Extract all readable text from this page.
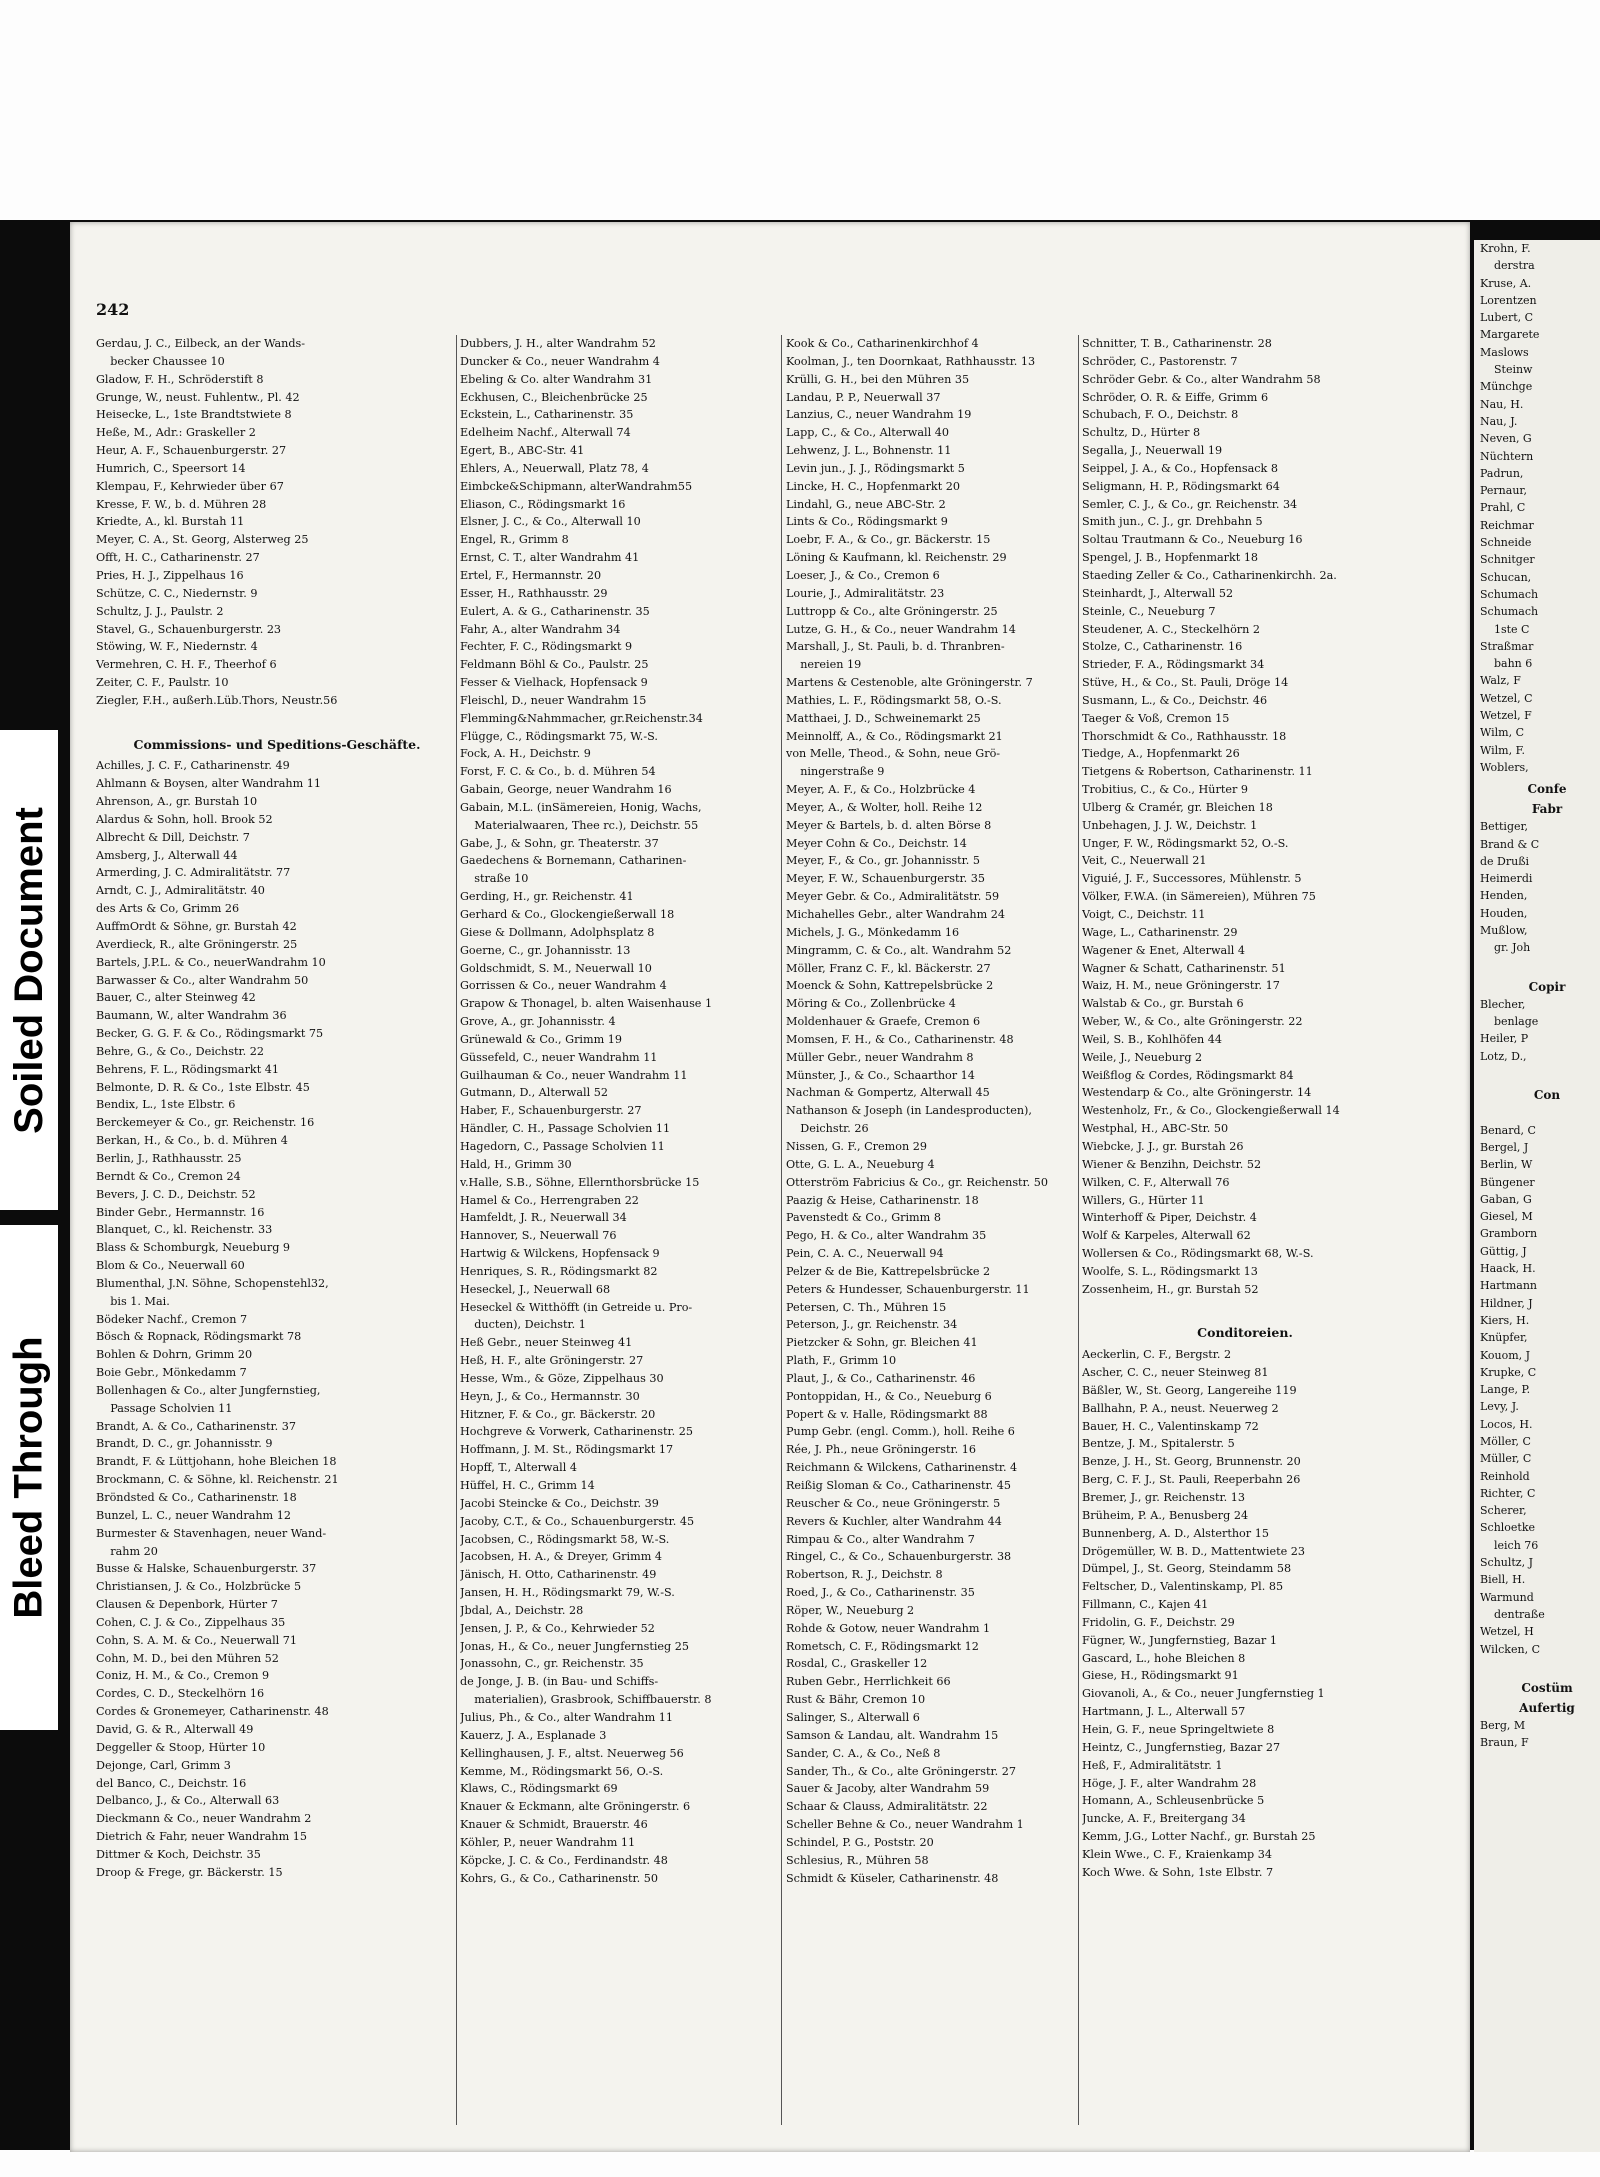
Soiled Document
Bleed Through
242
Gerdau, J. C., Eilbeck, an der Wands-
becker Chaussee 10
Gladow, F. H., Schröderstift 8
Grunge, W., neust. Fuhlentw., Pl. 42
Heisecke, L., 1ste Brandtstwiete 8
Heße, M., Adr.: Graskeller 2
Heur, A. F., Schauenburgerstr. 27
Humrich, C., Speersort 14
Klempau, F., Kehrwieder über 67
Kresse, F. W., b. d. Mühren 28
Kriedte, A., kl. Burstah 11
Meyer, C. A., St. Georg, Alsterweg 25
Offt, H. C., Catharinenstr. 27
Pries, H. J., Zippelhaus 16
Schütze, C. C., Niedernstr. 9
Schultz, J. J., Paulstr. 2
Stavel, G., Schauenburgerstr. 23
Stöwing, W. F., Niedernstr. 4
Vermehren, C. H. F., Theerhof 6
Zeiter, C. F., Paulstr. 10
Ziegler, F.H., außerh.Lüb.Thors, Neustr.56

Commissions- und Speditions-Geschäfte.
Achilles, J. C. F., Catharinenstr. 49
Ahlmann & Boysen, alter Wandrahm 11
Ahrenson, A., gr. Burstah 10
Alardus & Sohn, holl. Brook 52
Albrecht & Dill, Deichstr. 7
Amsberg, J., Alterwall 44
Armerding, J. C. Admiralitätstr. 77
Arndt, C. J., Admiralitätstr. 40
des Arts & Co, Grimm 26
AuffmOrdt & Söhne, gr. Burstah 42
Averdieck, R., alte Gröningerstr. 25
Bartels, J.P.L. & Co., neuerWandrahm 10
Barwasser & Co., alter Wandrahm 50
Bauer, C., alter Steinweg 42
Baumann, W., alter Wandrahm 36
Becker, G. G. F. & Co., Rödingsmarkt 75
Behre, G., & Co., Deichstr. 22
Behrens, F. L., Rödingsmarkt 41
Belmonte, D. R. & Co., 1ste Elbstr. 45
Bendix, L., 1ste Elbstr. 6
Berckemeyer & Co., gr. Reichenstr. 16
Berkan, H., & Co., b. d. Mühren 4
Berlin, J., Rathhausstr. 25
Berndt & Co., Cremon 24
Bevers, J. C. D., Deichstr. 52
Binder Gebr., Hermannstr. 16
Blanquet, C., kl. Reichenstr. 33
Blass & Schomburgk, Neueburg 9
Blom & Co., Neuerwall 60
Blumenthal, J.N. Söhne, Schopenstehl32,
bis 1. Mai.
Bödeker Nachf., Cremon 7
Bösch & Ropnack, Rödingsmarkt 78
Bohlen & Dohrn, Grimm 20
Boie Gebr., Mönkedamm 7
Bollenhagen & Co., alter Jungfernstieg,
Passage Scholvien 11
Brandt, A. & Co., Catharinenstr. 37
Brandt, D. C., gr. Johannisstr. 9
Brandt, F. & Lüttjohann, hohe Bleichen 18
Brockmann, C. & Söhne, kl. Reichenstr. 21
Bröndsted & Co., Catharinenstr. 18
Bunzel, L. C., neuer Wandrahm 12
Burmester & Stavenhagen, neuer Wand-
rahm 20
Busse & Halske, Schauenburgerstr. 37
Christiansen, J. & Co., Holzbrücke 5
Clausen & Depenbork, Hürter 7
Cohen, C. J. & Co., Zippelhaus 35
Cohn, S. A. M. & Co., Neuerwall 71
Cohn, M. D., bei den Mühren 52
Coniz, H. M., & Co., Cremon 9
Cordes, C. D., Steckelhörn 16
Cordes & Gronemeyer, Catharinenstr. 48
David, G. & R., Alterwall 49
Deggeller & Stoop, Hürter 10
Dejonge, Carl, Grimm 3
del Banco, C., Deichstr. 16
Delbanco, J., & Co., Alterwall 63
Dieckmann & Co., neuer Wandrahm 2
Dietrich & Fahr, neuer Wandrahm 15
Dittmer & Koch, Deichstr. 35
Droop & Frege, gr. Bäckerstr. 15
Dubbers, J. H., alter Wandrahm 52
Duncker & Co., neuer Wandrahm 4
Ebeling & Co. alter Wandrahm 31
Eckhusen, C., Bleichenbrücke 25
Eckstein, L., Catharinenstr. 35
Edelheim Nachf., Alterwall 74
Egert, B., ABC-Str. 41
Ehlers, A., Neuerwall, Platz 78, 4
Eimbcke&Schipmann, alterWandrahm55
Eliason, C., Rödingsmarkt 16
Elsner, J. C., & Co., Alterwall 10
Engel, R., Grimm 8
Ernst, C. T., alter Wandrahm 41
Ertel, F., Hermannstr. 20
Esser, H., Rathhausstr. 29
Eulert, A. & G., Catharinenstr. 35
Fahr, A., alter Wandrahm 34
Fechter, F. C., Rödingsmarkt 9
Feldmann Böhl & Co., Paulstr. 25
Fesser & Vielhack, Hopfensack 9
Fleischl, D., neuer Wandrahm 15
Flemming&Nahmmacher, gr.Reichenstr.34
Flügge, C., Rödingsmarkt 75, W.-S.
Fock, A. H., Deichstr. 9
Forst, F. C. & Co., b. d. Mühren 54
Gabain, George, neuer Wandrahm 16
Gabain, M.L. (inSämereien, Honig, Wachs,
Materialwaaren, Thee rc.), Deichstr. 55
Gabe, J., & Sohn, gr. Theaterstr. 37
Gaedechens & Bornemann, Catharinen-
straße 10
Gerding, H., gr. Reichenstr. 41
Gerhard & Co., Glockengießerwall 18
Giese & Dollmann, Adolphsplatz 8
Goerne, C., gr. Johannisstr. 13
Goldschmidt, S. M., Neuerwall 10
Gorrissen & Co., neuer Wandrahm 4
Grapow & Thonagel, b. alten Waisenhause 1
Grove, A., gr. Johannisstr. 4
Grünewald & Co., Grimm 19
Güssefeld, C., neuer Wandrahm 11
Guilhauman & Co., neuer Wandrahm 11
Gutmann, D., Alterwall 52
Haber, F., Schauenburgerstr. 27
Händler, C. H., Passage Scholvien 11
Hagedorn, C., Passage Scholvien 11
Hald, H., Grimm 30
v.Halle, S.B., Söhne, Ellernthorsbrücke 15
Hamel & Co., Herrengraben 22
Hamfeldt, J. R., Neuerwall 34
Hannover, S., Neuerwall 76
Hartwig & Wilckens, Hopfensack 9
Henriques, S. R., Rödingsmarkt 82
Heseckel, J., Neuerwall 68
Heseckel & Witthöfft (in Getreide u. Pro-
ducten), Deichstr. 1
Heß Gebr., neuer Steinweg 41
Heß, H. F., alte Gröningerstr. 27
Hesse, Wm., & Göze, Zippelhaus 30
Heyn, J., & Co., Hermannstr. 30
Hitzner, F. & Co., gr. Bäckerstr. 20
Hochgreve & Vorwerk, Catharinenstr. 25
Hoffmann, J. M. St., Rödingsmarkt 17
Hopff, T., Alterwall 4
Hüffel, H. C., Grimm 14
Jacobi Steincke & Co., Deichstr. 39
Jacoby, C.T., & Co., Schauenburgerstr. 45
Jacobsen, C., Rödingsmarkt 58, W.-S.
Jacobsen, H. A., & Dreyer, Grimm 4
Jänisch, H. Otto, Catharinenstr. 49
Jansen, H. H., Rödingsmarkt 79, W.-S.
Jbdal, A., Deichstr. 28
Jensen, J. P., & Co., Kehrwieder 52
Jonas, H., & Co., neuer Jungfernstieg 25
Jonassohn, C., gr. Reichenstr. 35
de Jonge, J. B. (in Bau- und Schiffs-
materialien), Grasbrook, Schiffbauerstr. 8
Julius, Ph., & Co., alter Wandrahm 11
Kauerz, J. A., Esplanade 3
Kellinghausen, J. F., altst. Neuerweg 56
Kemme, M., Rödingsmarkt 56, O.-S.
Klaws, C., Rödingsmarkt 69
Knauer & Eckmann, alte Gröningerstr. 6
Knauer & Schmidt, Brauerstr. 46
Köhler, P., neuer Wandrahm 11
Köpcke, J. C. & Co., Ferdinandstr. 48
Kohrs, G., & Co., Catharinenstr. 50
Kook & Co., Catharinenkirchhof 4
Koolman, J., ten Doornkaat, Rathhausstr. 13
Krülli, G. H., bei den Mühren 35
Landau, P. P., Neuerwall 37
Lanzius, C., neuer Wandrahm 19
Lapp, C., & Co., Alterwall 40
Lehwenz, J. L., Bohnenstr. 11
Levin jun., J. J., Rödingsmarkt 5
Lincke, H. C., Hopfenmarkt 20
Lindahl, G., neue ABC-Str. 2
Lints & Co., Rödingsmarkt 9
Loebr, F. A., & Co., gr. Bäckerstr. 15
Löning & Kaufmann, kl. Reichenstr. 29
Loeser, J., & Co., Cremon 6
Lourie, J., Admiralitätstr. 23
Luttropp & Co., alte Gröningerstr. 25
Lutze, G. H., & Co., neuer Wandrahm 14
Marshall, J., St. Pauli, b. d. Thranbren-
nereien 19
Martens & Cestenoble, alte Gröningerstr. 7
Mathies, L. F., Rödingsmarkt 58, O.-S.
Matthaei, J. D., Schweinemarkt 25
Meinnolff, A., & Co., Rödingsmarkt 21
von Melle, Theod., & Sohn, neue Grö-
ningerstraße 9
Meyer, A. F., & Co., Holzbrücke 4
Meyer, A., & Wolter, holl. Reihe 12
Meyer & Bartels, b. d. alten Börse 8
Meyer Cohn & Co., Deichstr. 14
Meyer, F., & Co., gr. Johannisstr. 5
Meyer, F. W., Schauenburgerstr. 35
Meyer Gebr. & Co., Admiralitätstr. 59
Michahelles Gebr., alter Wandrahm 24
Michels, J. G., Mönkedamm 16
Mingramm, C. & Co., alt. Wandrahm 52
Möller, Franz C. F., kl. Bäckerstr. 27
Moenck & Sohn, Kattrepelsbrücke 2
Möring & Co., Zollenbrücke 4
Moldenhauer & Graefe, Cremon 6
Momsen, F. H., & Co., Catharinenstr. 48
Müller Gebr., neuer Wandrahm 8
Münster, J., & Co., Schaarthor 14
Nachman & Gompertz, Alterwall 45
Nathanson & Joseph (in Landesproducten),
Deichstr. 26
Nissen, G. F., Cremon 29
Otte, G. L. A., Neueburg 4
Otterström Fabricius & Co., gr. Reichenstr. 50
Paazig & Heise, Catharinenstr. 18
Pavenstedt & Co., Grimm 8
Pego, H. & Co., alter Wandrahm 35
Pein, C. A. C., Neuerwall 94
Pelzer & de Bie, Kattrepelsbrücke 2
Peters & Hundesser, Schauenburgerstr. 11
Petersen, C. Th., Mühren 15
Peterson, J., gr. Reichenstr. 34
Pietzcker & Sohn, gr. Bleichen 41
Plath, F., Grimm 10
Plaut, J., & Co., Catharinenstr. 46
Pontoppidan, H., & Co., Neueburg 6
Popert & v. Halle, Rödingsmarkt 88
Pump Gebr. (engl. Comm.), holl. Reihe 6
Rée, J. Ph., neue Gröningerstr. 16
Reichmann & Wilckens, Catharinenstr. 4
Reißig Sloman & Co., Catharinenstr. 45
Reuscher & Co., neue Gröningerstr. 5
Revers & Kuchler, alter Wandrahm 44
Rimpau & Co., alter Wandrahm 7
Ringel, C., & Co., Schauenburgerstr. 38
Robertson, R. J., Deichstr. 8
Roed, J., & Co., Catharinenstr. 35
Röper, W., Neueburg 2
Rohde & Gotow, neuer Wandrahm 1
Rometsch, C. F., Rödingsmarkt 12
Rosdal, C., Graskeller 12
Ruben Gebr., Herrlichkeit 66
Rust & Bähr, Cremon 10
Salinger, S., Alterwall 6
Samson & Landau, alt. Wandrahm 15
Sander, C. A., & Co., Neß 8
Sander, Th., & Co., alte Gröningerstr. 27
Sauer & Jacoby, alter Wandrahm 59
Schaar & Clauss, Admiralitätstr. 22
Scheller Behne & Co., neuer Wandrahm 1
Schindel, P. G., Poststr. 20
Schlesius, R., Mühren 58
Schmidt & Küseler, Catharinenstr. 48
Schnitter, T. B., Catharinenstr. 28
Schröder, C., Pastorenstr. 7
Schröder Gebr. & Co., alter Wandrahm 58
Schröder, O. R. & Eiffe, Grimm 6
Schubach, F. O., Deichstr. 8
Schultz, D., Hürter 8
Segalla, J., Neuerwall 19
Seippel, J. A., & Co., Hopfensack 8
Seligmann, H. P., Rödingsmarkt 64
Semler, C. J., & Co., gr. Reichenstr. 34
Smith jun., C. J., gr. Drehbahn 5
Soltau Trautmann & Co., Neueburg 16
Spengel, J. B., Hopfenmarkt 18
Staeding Zeller & Co., Catharinenkirchh. 2a.
Steinhardt, J., Alterwall 52
Steinle, C., Neueburg 7
Steudener, A. C., Steckelhörn 2
Stolze, C., Catharinenstr. 16
Strieder, F. A., Rödingsmarkt 34
Stüve, H., & Co., St. Pauli, Dröge 14
Susmann, L., & Co., Deichstr. 46
Taeger & Voß, Cremon 15
Thorschmidt & Co., Rathhausstr. 18
Tiedge, A., Hopfenmarkt 26
Tietgens & Robertson, Catharinenstr. 11
Trobitius, C., & Co., Hürter 9
Ulberg & Cramér, gr. Bleichen 18
Unbehagen, J. J. W., Deichstr. 1
Unger, F. W., Rödingsmarkt 52, O.-S.
Veit, C., Neuerwall 21
Viguié, J. F., Successores, Mühlenstr. 5
Völker, F.W.A. (in Sämereien), Mühren 75
Voigt, C., Deichstr. 11
Wage, L., Catharinenstr. 29
Wagener & Enet, Alterwall 4
Wagner & Schatt, Catharinenstr. 51
Waiz, H. M., neue Gröningerstr. 17
Walstab & Co., gr. Burstah 6
Weber, W., & Co., alte Gröningerstr. 22
Weil, S. B., Kohlhöfen 44
Weile, J., Neueburg 2
Weißflog & Cordes, Rödingsmarkt 84
Westendarp & Co., alte Gröningerstr. 14
Westenholz, Fr., & Co., Glockengießerwall 14
Westphal, H., ABC-Str. 50
Wiebcke, J. J., gr. Burstah 26
Wiener & Benzihn, Deichstr. 52
Wilken, C. F., Alterwall 76
Willers, G., Hürter 11
Winterhoff & Piper, Deichstr. 4
Wolf & Karpeles, Alterwall 62
Wollersen & Co., Rödingsmarkt 68, W.-S.
Woolfe, S. L., Rödingsmarkt 13
Zossenheim, H., gr. Burstah 52

Conditoreien.
Aeckerlin, C. F., Bergstr. 2
Ascher, C. C., neuer Steinweg 81
Bäßler, W., St. Georg, Langereihe 119
Ballhahn, P. A., neust. Neuerweg 2
Bauer, H. C., Valentinskamp 72
Bentze, J. M., Spitalerstr. 5
Benze, J. H., St. Georg, Brunnenstr. 20
Berg, C. F. J., St. Pauli, Reeperbahn 26
Bremer, J., gr. Reichenstr. 13
Brüheim, P. A., Benusberg 24
Bunnenberg, A. D., Alsterthor 15
Drögemüller, W. B. D., Mattentwiete 23
Dümpel, J., St. Georg, Steindamm 58
Feltscher, D., Valentinskamp, Pl. 85
Fillmann, C., Kajen 41
Fridolin, G. F., Deichstr. 29
Fügner, W., Jungfernstieg, Bazar 1
Gascard, L., hohe Bleichen 8
Giese, H., Rödingsmarkt 91
Giovanoli, A., & Co., neuer Jungfernstieg 1
Hartmann, J. L., Alterwall 57
Hein, G. F., neue Springeltwiete 8
Heintz, C., Jungfernstieg, Bazar 27
Heß, F., Admiralitätstr. 1
Höge, J. F., alter Wandrahm 28
Homann, A., Schleusenbrücke 5
Juncke, A. F., Breitergang 34
Kemm, J.G., Lotter Nachf., gr. Burstah 25
Klein Wwe., C. F., Kraienkamp 34
Koch Wwe. & Sohn, 1ste Elbstr. 7
Krohn, F.
derstra
Kruse, A.
Lorentzen
Lubert, C
Margarete
Maslows
Steinw
Münchge
Nau, H.
Nau, J.
Neven, G
Nüchtern
Padrun,
Pernaur,
Prahl, C
Reichmar
Schneide
Schnitger
Schucan,
Schumach
Schumach
1ste C
Straßmar
bahn 6
Walz, F
Wetzel, C
Wetzel, F
Wilm, C
Wilm, F.
Woblers,
Confe
Fabr
Bettiger,
Brand & C
de Drußi
Heimerdi
Henden,
Houden,
Mußlow,
gr. Joh

Copir
Blecher,
benlage
Heiler, P
Lotz, D.,

Con

Benard, C
Bergel, J
Berlin, W
Büngener
Gaban, G
Giesel, M
Gramborn
Güttig, J
Haack, H.
Hartmann
Hildner, J
Kiers, H.
Knüpfer,
Kouom, J
Krupke, C
Lange, P.
Levy, J.
Locos, H.
Möller, C
Müller, C
Reinhold
Richter, C
Scherer,
Schloetke
leich 76
Schultz, J
Biell, H.
Warmund
dentraße
Wetzel, H
Wilcken, C

Costüm
Aufertig
Berg, M
Braun, F
